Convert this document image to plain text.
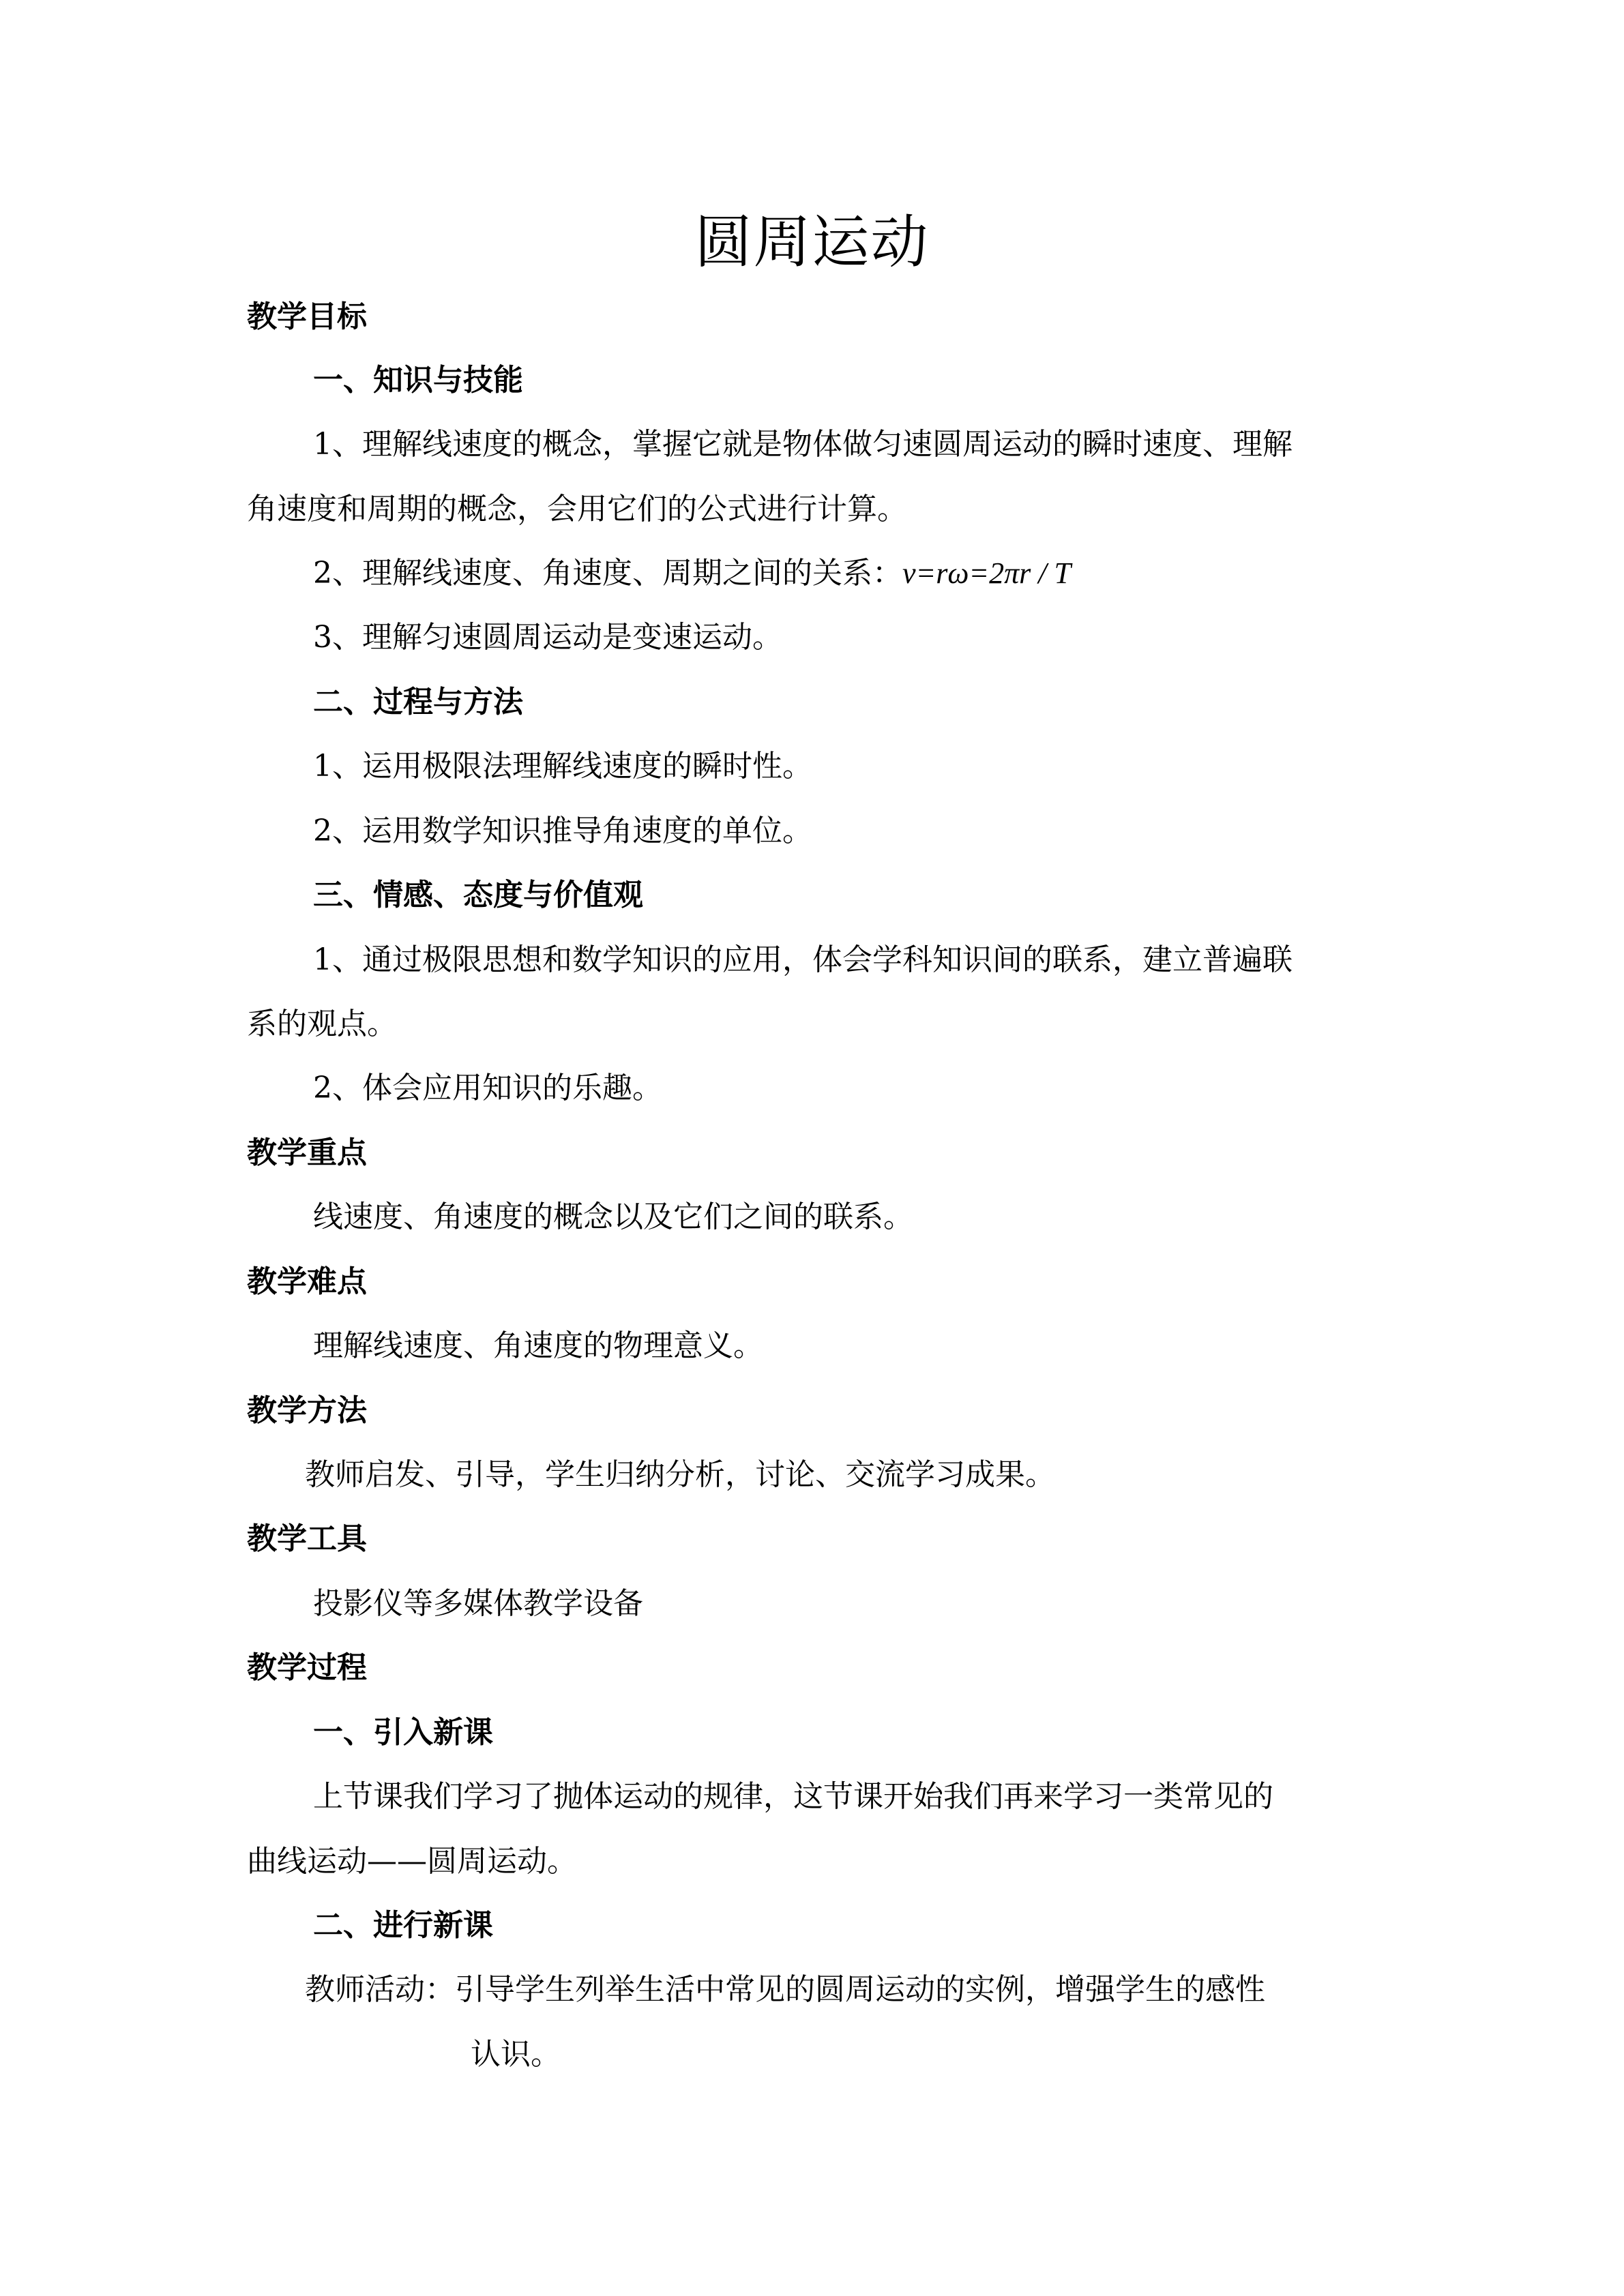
圆周运动
教学目标
一、知识与技能
1、理解线速度的概念，掌握它就是物体做匀速圆周运动的瞬时速度、理解
角速度和周期的概念，会用它们的公式进行计算。
2、理解线速度、角速度、周期之间的关系：v=rω=2πr / T
3、理解匀速圆周运动是变速运动。
二、过程与方法
1、运用极限法理解线速度的瞬时性。
2、运用数学知识推导角速度的单位。
三、情感、态度与价值观
1、通过极限思想和数学知识的应用，体会学科知识间的联系，建立普遍联
系的观点。
2、体会应用知识的乐趣。
教学重点
线速度、角速度的概念以及它们之间的联系。
教学难点
理解线速度、角速度的物理意义。
教学方法
教师启发、引导，学生归纳分析，讨论、交流学习成果。
教学工具
投影仪等多媒体教学设备
教学过程
一、引入新课
上节课我们学习了抛体运动的规律，这节课开始我们再来学习一类常见的
曲线运动——圆周运动。
二、进行新课
教师活动：引导学生列举生活中常见的圆周运动的实例，增强学生的感性
认识。
